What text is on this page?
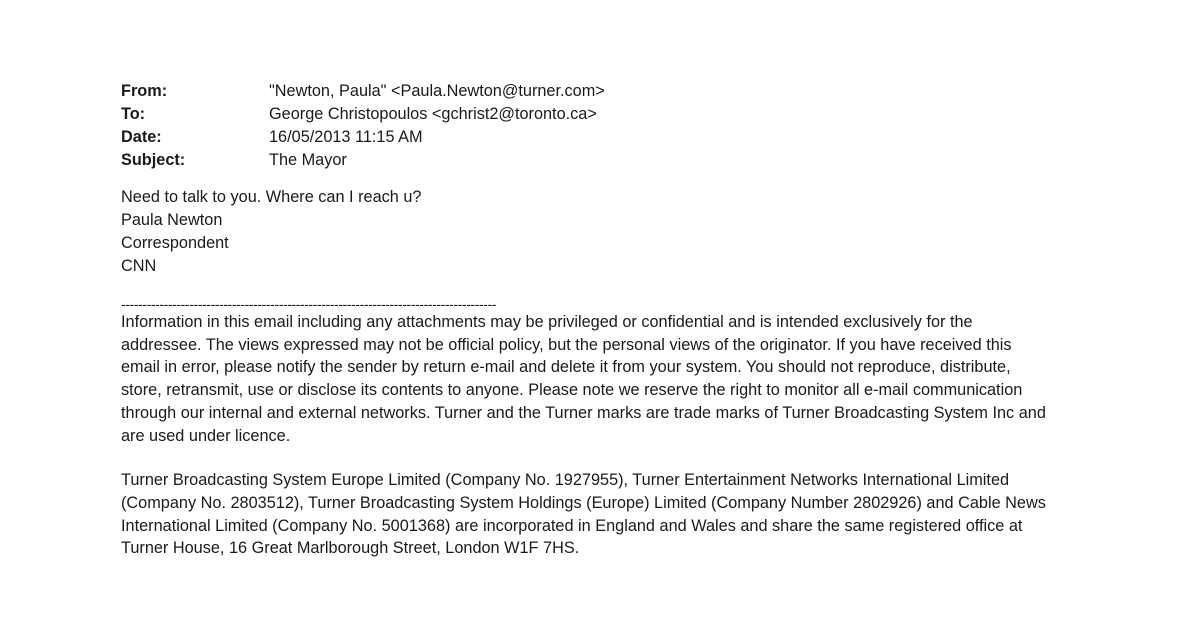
From:	"Newton, Paula" <Paula.Newton@turner.com>
To:	George Christopoulos <gchrist2@toronto.ca>
Date:	16/05/2013 11:15 AM
Subject:	The Mayor
Need to talk to you. Where can I reach u?
Paula Newton
Correspondent
CNN
----------------------------------------------------------------------------------------

Information in this email including any attachments may be privileged or confidential and is intended exclusively for the addressee. The views expressed may not be official policy, but the personal views of the originator. If you have received this email in error, please notify the sender by return e-mail and delete it from your system. You should not reproduce, distribute, store, retransmit, use or disclose its contents to anyone. Please note we reserve the right to monitor all e-mail communication through our internal and external networks. Turner and the Turner marks are trade marks of Turner Broadcasting System Inc and are used under licence.

Turner Broadcasting System Europe Limited (Company No. 1927955), Turner Entertainment Networks International Limited (Company No. 2803512), Turner Broadcasting System Holdings (Europe) Limited (Company Number 2802926) and Cable News International Limited (Company No. 5001368) are incorporated in England and Wales and share the same registered office at Turner House, 16 Great Marlborough Street, London W1F 7HS.
